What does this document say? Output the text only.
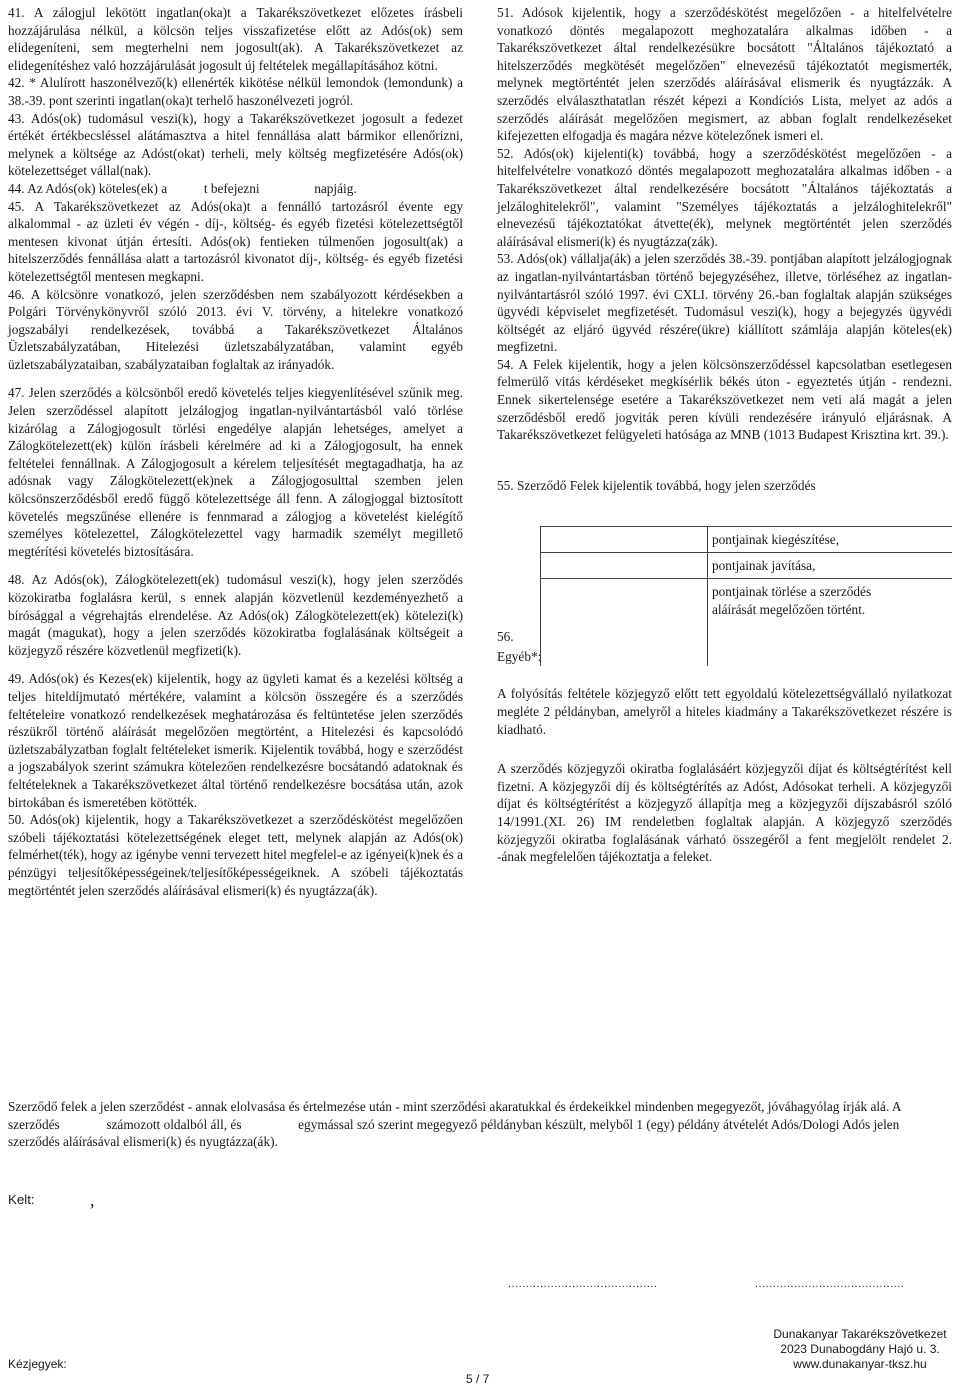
41. A zálogjul lekötött ingatlan(oka)t a Takarékszövetkezet előzetes írásbeli hozzájárulása nélkül, a kölcsön teljes visszafizetése előtt az Adós(ok) sem elidegeníteni, sem megterhelni nem jogosult(ak). A Takarékszövetkezet az elidegenítéshez való hozzájárulását jogosult új feltételek megállapításához kötni.

42. * Alulírott haszonélvező(k) ellenérték kikötése nélkül lemondok (lemondunk) a 38.-39. pont szerinti ingatlan(oka)t terhelő haszonélvezeti jogról.

43. Adós(ok) tudomásul veszi(k), hogy a Takarékszövetkezet jogosult a fedezet értékét értékbecsléssel alátámasztva a hitel fennállása alatt bármikor ellenőrizni, melynek a költsége az Adóst(okat) terheli, mely költség megfizetésére Adós(ok) kötelezettséget vállal(nak).

44. Az Adós(ok) köteles(ek) a	t befejezni	napjáig.

45. A Takarékszövetkezet az Adós(oka)t a fennálló tartozásról évente egy alkalommal - az üzleti év végén - díj-, költség- és egyéb fizetési kötelezettségtől mentesen kivonat útján értesíti. Adós(ok) fentieken túlmenően jogosult(ak) a hitelszerződés fennállása alatt a tartozásról kivonatot díj-, költség- és egyéb fizetési kötelezettségtől mentesen megkapni.

46. A kölcsönre vonatkozó, jelen szerződésben nem szabályozott kérdésekben a Polgári Törvénykönyvről szóló 2013. évi V. törvény, a hitelekre vonatkozó jogszabályi rendelkezések, továbbá a Takarékszövetkezet Általános Üzletszabályzatában, Hitelezési üzletszabályzatában, valamint egyéb üzletszabályzataiban, szabályzataiban foglaltak az irányadók.

47. Jelen szerződés a kölcsönből eredő követelés teljes kiegyenlítésével szűnik meg. Jelen szerződéssel alapított jelzálogjog ingatlan-nyilvántartásból való törlése kizárólag a Zálogjogosult törlési engedélye alapján lehetséges, amelyet a Zálogkötelezett(ek) külön írásbeli kérelmére ad ki a Zálogjogosult, ha ennek feltételei fennállnak. A Zálogjogosult a kérelem teljesítését megtagadhatja, ha az adósnak vagy Zálogkötelezett(ek)nek a Zálogjogosulttal szemben jelen kölcsönszerződésből eredő függő kötelezettsége áll fenn. A zálogjoggal biztosított követelés megszűnése ellenére is fennmarad a zálogjog a követelést kielégítő személyes kötelezettel, Zálogkötelezettel vagy harmadik személyt megillető megtérítési követelés biztosítására.

48. Az Adós(ok), Zálogkötelezett(ek) tudomásul veszi(k), hogy jelen szerződés közokiratba foglalásra kerül, s ennek alapján közvetlenül kezdeményezhető a bírósággal a végrehajtás elrendelése. Az Adós(ok) Zálogkötelezett(ek) kötelezi(k) magát (magukat), hogy a jelen szerződés közokiratba foglalásának költségeit a közjegyző részére közvetlenül megfizeti(k).

49. Adós(ok) és Kezes(ek) kijelentik, hogy az ügyleti kamat és a kezelési költség a teljes hiteldíjmutató mértékére, valamint a kölcsön összegére és a szerződés feltételeire vonatkozó rendelkezések meghatározása és feltüntetése jelen szerződés részükről történő aláírását megelőzően megtörtént, a Hitelezési és kapcsolódó üzletszabályzatban foglalt feltételeket ismerik. Kijelentik továbbá, hogy e szerződést a jogszabályok szerint számukra kötelezően rendelkezésre bocsátandó adatoknak és feltételeknek a Takarékszövetkezet által történő rendelkezésre bocsátása után, azok birtokában és ismeretében kötötték.

50. Adós(ok) kijelentik, hogy a Takarékszövetkezet a szerződéskötést megelőzően szóbeli tájékoztatási kötelezettségének eleget tett, melynek alapján az Adós(ok) felmérhet(ték), hogy az igénybe venni tervezett hitel megfelel-e az igényei(k)nek és a pénzügyi teljesítőképességeinek/teljesítőképességeiknek. A szóbeli tájékoztatás megtörténtét jelen szerződés aláírásával elismeri(k) és nyugtázza(ák).

51. Adósok kijelentik, hogy a szerződéskötést megelőzően - a hitelfelvételre vonatkozó döntés megalapozott meghozatalára alkalmas időben - a Takarékszövetkezet által rendelkezésükre bocsátott "Általános tájékoztató a hitelszerződés megkötését megelőzően" elnevezésű tájékoztatót megismerték, melynek megtörténtét jelen szerződés aláírásával elismerik és nyugtázzák. A szerződés elválaszthatatlan részét képezi a Kondíciós Lista, melyet az adós a szerződés aláírását megelőzően megismert, az abban foglalt rendelkezéseket kifejezetten elfogadja és magára nézve kötelezőnek ismeri el.

52. Adós(ok) kijelenti(k) továbbá, hogy a szerződéskötést megelőzően - a hitelfelvételre vonatkozó döntés megalapozott meghozatalára alkalmas időben - a Takarékszövetkezet által rendelkezésére bocsátott "Általános tájékoztatás a jelzáloghitelekről", valamint "Személyes tájékoztatás a jelzáloghitelekről" elnevezésű tájékoztatókat átvette(ék), melynek megtörténtét jelen szerződés aláírásával elismeri(k) és nyugtázza(zák).

53. Adós(ok) vállalja(ák) a jelen szerződés 38.-39. pontjában alapított jelzálogjognak az ingatlan-nyilvántartásban történő bejegyzéséhez, illetve, törléséhez az ingatlan-nyilvántartásról szóló 1997. évi CXLI. törvény 26.-ban foglaltak alapján szükséges ügyvédi képviselet megfizetését. Tudomásul veszi(k), hogy a bejegyzés ügyvédi költségét az eljáró ügyvéd részére(ükre) kiállított számlája alapján köteles(ek) megfizetni.

54. A Felek kijelentik, hogy a jelen kölcsönszerződéssel kapcsolatban esetlegesen felmerülő vitás kérdéseket megkísérlik békés úton - egyeztetés útján - rendezni. Ennek sikertelensége esetére a Takarékszövetkezet nem veti alá magát a jelen szerződésből eredő jogviták peren kívüli rendezésére irányuló eljárásnak. A Takarékszövetkezet felügyeleti hatósága az MNB (1013 Budapest Krisztina krt. 39.).

55. Szerződő Felek kijelentik továbbá, hogy jelen szerződés

pontjainak kiegészítése,
pontjainak javítása,
pontjainak törlése a szerződés aláírását megelőzően történt.
56.
Egyéb*:

A folyósítás feltétele közjegyző előtt tett egyoldalú kötelezettségvállaló nyilatkozat megléte 2 példányban, amelyről a hiteles kiadmány a Takarékszövetkezet részére is kiadható.

A szerződés közjegyzői okiratba foglalásáért közjegyzői díjat és költségtérítést kell fizetni. A közjegyzői díj és költségtérítés az Adóst, Adósokat terheli. A közjegyzői díjat és költségtérítést a közjegyző állapítja meg a közjegyzői díjszabásról szóló 14/1991.(XI. 26) IM rendeletben foglaltak alapján. A közjegyző szerződés közjegyzői okiratba foglalásának várható összegéről a fent megjelölt rendelet 2. -ának megfelelően tájékoztatja a feleket.

Szerződő felek a jelen szerződést - annak elolvasása és értelmezése után - mint szerződési akaratukkal és érdekeikkel mindenben megegyezőt, jóváhagyólag írják alá. A szerződés	számozott oldalból áll, és	egymással szó szerint megegyező példányban készült, melyből 1 (egy) példány átvételét Adós/Dologi Adós jelen szerződés aláírásával elismeri(k) és nyugtázza(ák).
Kelt:	,
..........................................	..........................................
Dunakanyar Takarékszövetkezet
2023 Dunabogdány Hajó u. 3.
www.dunakanyar-tksz.hu
Kézjegyek:
5 / 7
